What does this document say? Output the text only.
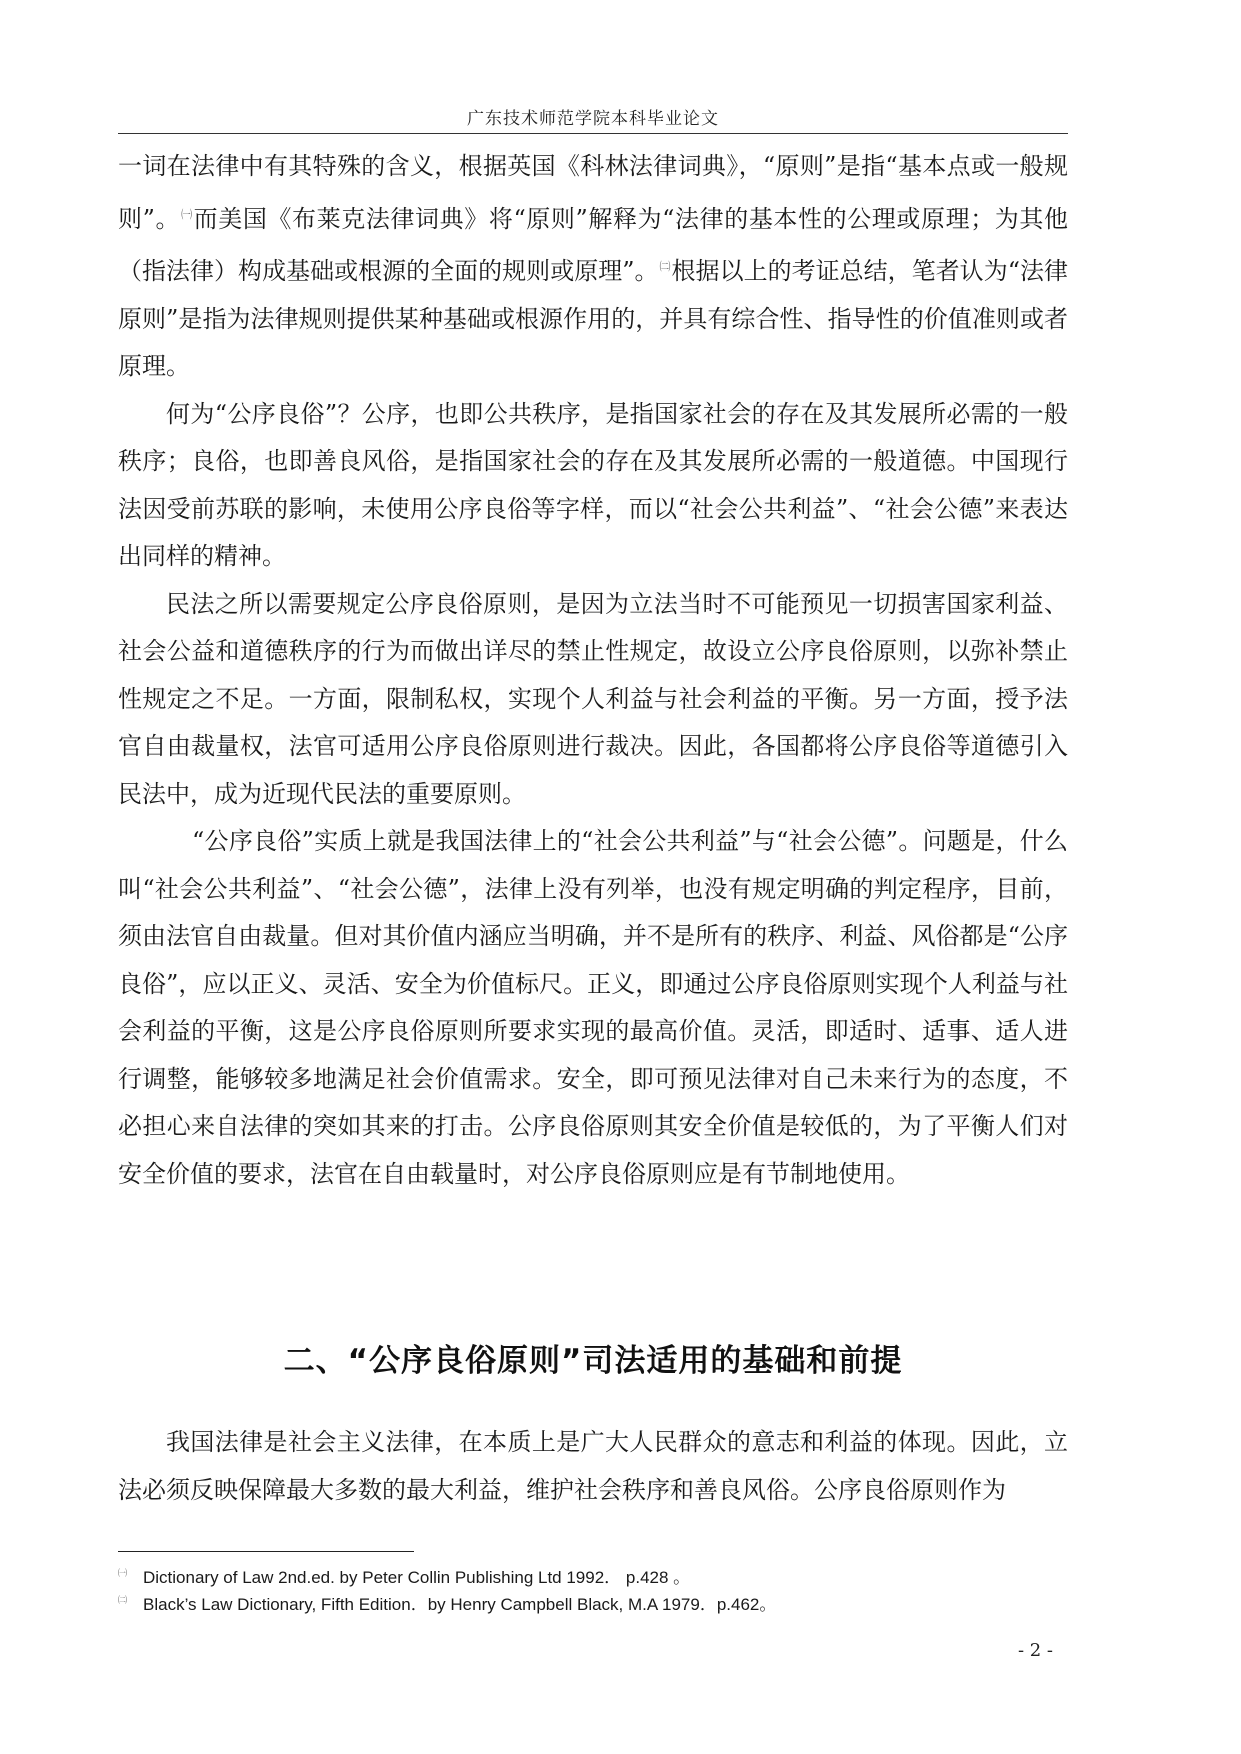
广东技术师范学院本科毕业论文

一词在法律中有其特殊的含义，根据英国《科林法律词典》，“原则”是指“基本点或一般规则”。$^㈠$而美国《布莱克法律词典》将“原则”解释为“法律的基本性的公理或原理；为其他（指法律）构成基础或根源的全面的规则或原理”。$^㈡$根据以上的考证总结，笔者认为“法律原则”是指为法律规则提供某种基础或根源作用的，并具有综合性、指导性的价值准则或者原理。

何为“公序良俗”？公序，也即公共秩序，是指国家社会的存在及其发展所必需的一般秩序；良俗，也即善良风俗，是指国家社会的存在及其发展所必需的一般道德。中国现行法因受前苏联的影响，未使用公序良俗等字样，而以“社会公共利益”、“社会公德”来表达出同样的精神。

民法之所以需要规定公序良俗原则，是因为立法当时不可能预见一切损害国家利益、社会公益和道德秩序的行为而做出详尽的禁止性规定，故设立公序良俗原则，以弥补禁止性规定之不足。一方面，限制私权，实现个人利益与社会利益的平衡。另一方面，授予法官自由裁量权，法官可适用公序良俗原则进行裁决。因此，各国都将公序良俗等道德引入民法中，成为近现代民法的重要原则。

“公序良俗”实质上就是我国法律上的“社会公共利益”与“社会公德”。问题是，什么叫“社会公共利益”、“社会公德”，法律上没有列举，也没有规定明确的判定程序，目前，须由法官自由裁量。但对其价值内涵应当明确，并不是所有的秩序、利益、风俗都是“公序良俗”，应以正义、灵活、安全为价值标尺。正义，即通过公序良俗原则实现个人利益与社会利益的平衡，这是公序良俗原则所要求实现的最高价值。灵活，即适时、适事、适人进行调整，能够较多地满足社会价值需求。安全，即可预见法律对自己未来行为的态度，不必担心来自法律的突如其来的打击。公序良俗原则其安全价值是较低的，为了平衡人们对安全价值的要求，法官在自由载量时，对公序良俗原则应是有节制地使用。

二、“公序良俗原则”司法适用的基础和前提

我国法律是社会主义法律，在本质上是广大人民群众的意志和利益的体现。因此，立法必须反映保障最大多数的最大利益，维护社会秩序和善良风俗。公序良俗原则作为

㈠ Dictionary of Law 2nd.ed. by Peter Collin Publishing Ltd 1992． p.428 。
㈡ Black’s Law Dictionary, Fifth Edition．by Henry Campbell Black, M.A 1979．p.462。
- 2 -
